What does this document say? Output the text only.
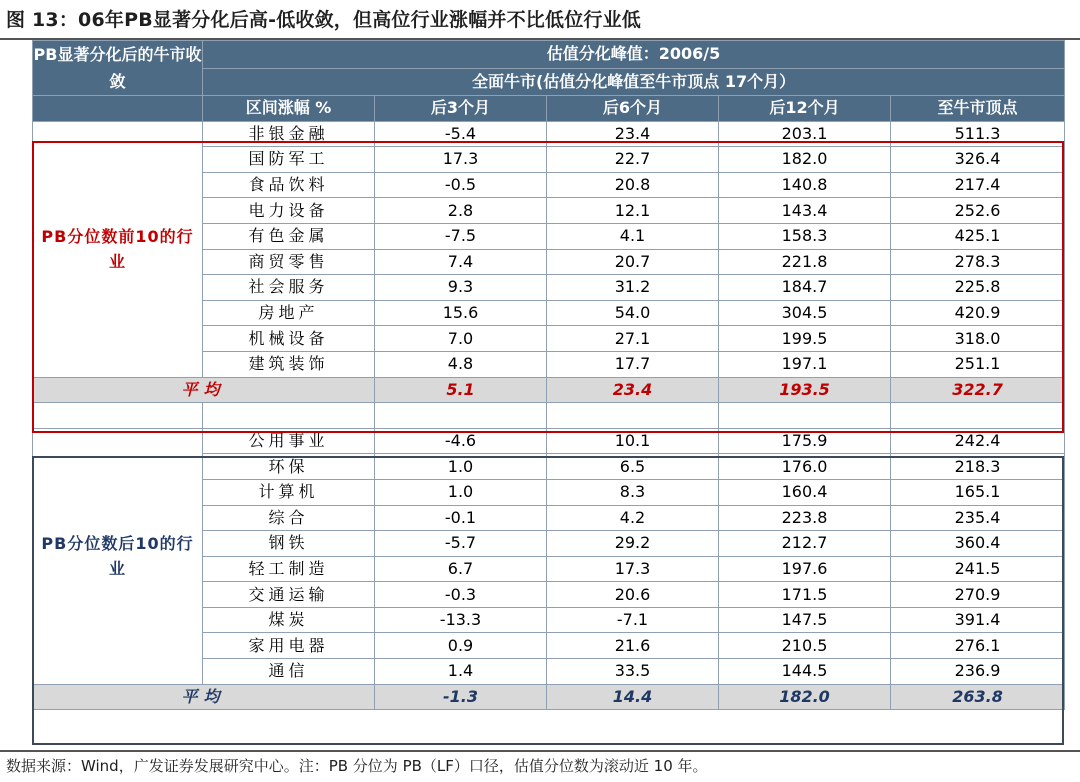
图 13：06年PB显著分化后高-低收敛，但高位行业涨幅并不比低位行业低
PB显著分化后的牛市收敛	估值分化峰值：2006/5				
	全面牛市(估值分化峰值至牛市顶点 17个月）				
	区间涨幅 %	后3个月	后6个月	后12个月	至牛市顶点
PB分位数前10的行业	非银金融	-5.4	23.4	203.1	511.3
	国防军工	17.3	22.7	182.0	326.4
	食品饮料	-0.5	20.8	140.8	217.4
	电力设备	2.8	12.1	143.4	252.6
	有色金属	-7.5	4.1	158.3	425.1
	商贸零售	7.4	20.7	221.8	278.3
	社会服务	9.3	31.2	184.7	225.8
	房地产	15.6	54.0	304.5	420.9
	机械设备	7.0	27.1	199.5	318.0
	建筑装饰	4.8	17.7	197.1	251.1
平均		5.1	23.4	193.5	322.7

PB分位数后10的行业	公用事业	-4.6	10.1	175.9	242.4
	环保	1.0	6.5	176.0	218.3
	计算机	1.0	8.3	160.4	165.1
	综合	-0.1	4.2	223.8	235.4
	钢铁	-5.7	29.2	212.7	360.4
	轻工制造	6.7	17.3	197.6	241.5
	交通运输	-0.3	20.6	171.5	270.9
	煤炭	-13.3	-7.1	147.5	391.4
	家用电器	0.9	21.6	210.5	276.1
	通信	1.4	33.5	144.5	236.9
平均		-1.3	14.4	182.0	263.8
数据来源：Wind，广发证券发展研究中心。注：PB 分位为 PB（LF）口径，估值分位数为滚动近 10 年。
